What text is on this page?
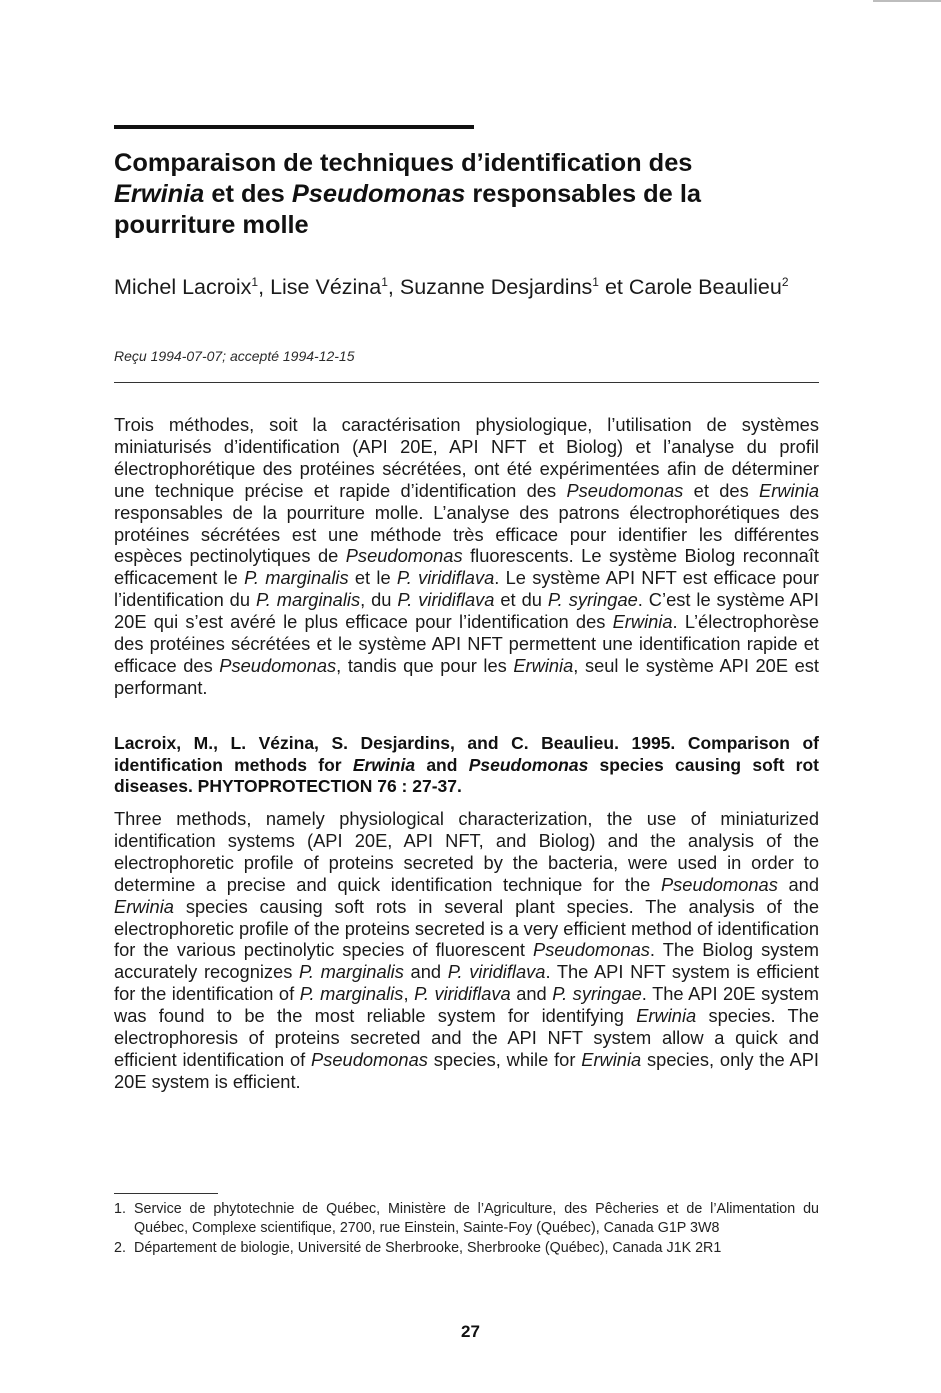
Comparaison de techniques d’identification des
Erwinia et des Pseudomonas responsables de la pourriture molle

Michel Lacroix$^1$, Lise Vézina$^1$, Suzanne Desjardins$^1$ et Carole Beaulieu$^2$

Reçu 1994-07-07; accepté 1994-12-15

Trois méthodes, soit la caractérisation physiologique, l’utilisation de systèmes miniaturisés d’identification (API 20E, API NFT et Biolog) et l’analyse du profil électrophorétique des protéines sécrétées, ont été expérimentées afin de déterminer une technique précise et rapide d’identification des Pseudomonas et des Erwinia responsables de la pourriture molle. L’analyse des patrons électrophorétiques des protéines sécrétées est une méthode très efficace pour identifier les différentes espèces pectinolytiques de Pseudomonas fluorescents. Le système Biolog reconnaît efficacement le P. marginalis et le P. viridiflava. Le système API NFT est efficace pour l’identification du P. marginalis, du P. viridiflava et du P. syringae. C’est le système API 20E qui s’est avéré le plus efficace pour l’identification des Erwinia. L’électrophorèse des protéines sécrétées et le système API NFT permettent une identification rapide et efficace des Pseudomonas, tandis que pour les Erwinia, seul le système API 20E est performant.

Lacroix, M., L. Vézina, S. Desjardins, and C. Beaulieu. 1995. Comparison of identification methods for Erwinia and Pseudomonas species causing soft rot diseases. PHYTOPROTECTION 76 : 27-37.

Three methods, namely physiological characterization, the use of miniaturized identification systems (API 20E, API NFT, and Biolog) and the analysis of the electrophoretic profile of proteins secreted by the bacteria, were used in order to determine a precise and quick identification technique for the Pseudomonas and Erwinia species causing soft rots in several plant species. The analysis of the electrophoretic profile of the proteins secreted is a very efficient method of identification for the various pectinolytic species of fluorescent Pseudomonas. The Biolog system accurately recognizes P. marginalis and P. viridiflava. The API NFT system is efficient for the identification of P. marginalis, P. viridiflava and P. syringae. The API 20E system was found to be the most reliable system for identifying Erwinia species. The electrophoresis of proteins secreted and the API NFT system allow a quick and efficient identification of Pseudomonas species, while for Erwinia species, only the API 20E system is efficient.

1. Service de phytotechnie de Québec, Ministère de l’Agriculture, des Pêcheries et de l’Alimentation du Québec, Complexe scientifique, 2700, rue Einstein, Sainte-Foy (Québec), Canada G1P 3W8
2. Département de biologie, Université de Sherbrooke, Sherbrooke (Québec), Canada J1K 2R1

27
